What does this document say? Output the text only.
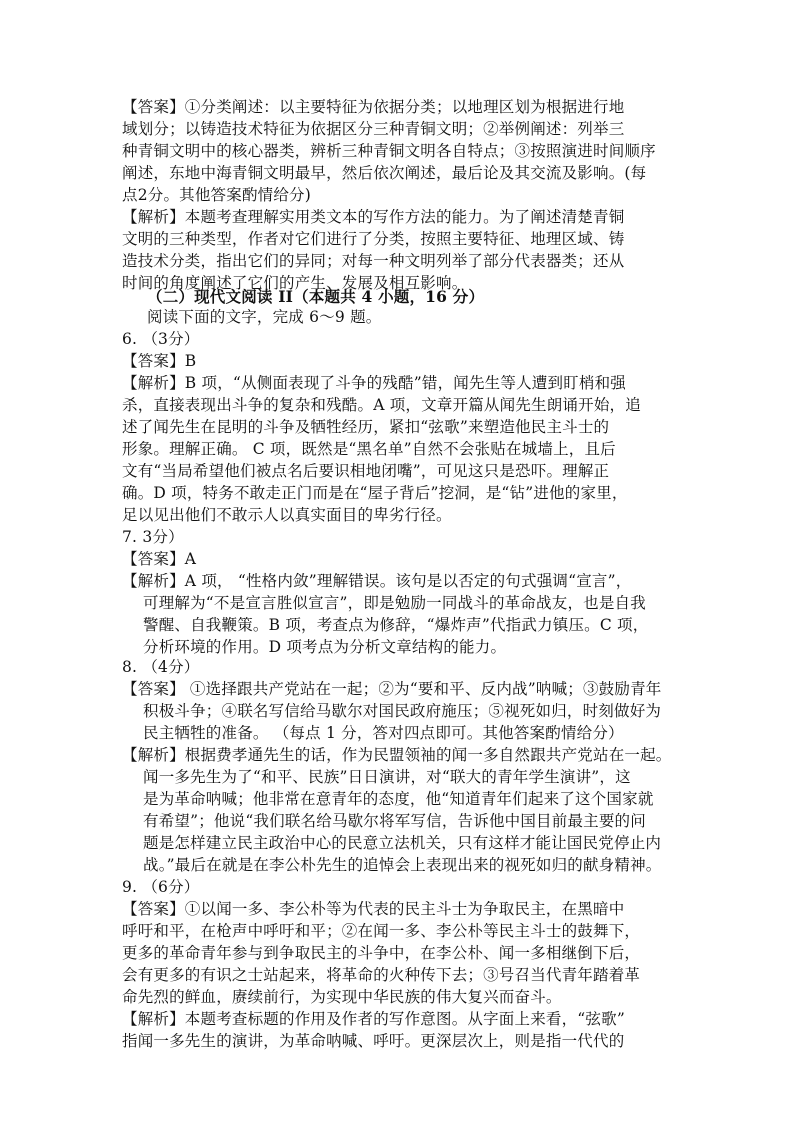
【答案】①分类阐述：以主要特征为依据分类；以地理区划为根据进行地
域划分；以铸造技术特征为依据区分三种青铜文明；②举例阐述：列举三
种青铜文明中的核心器类，辨析三种青铜文明各自特点；③按照演进时间顺序
阐述，东地中海青铜文明最早，然后依次阐述，最后论及其交流及影响。(每
点2分。其他答案酌情给分)
【解析】本题考查理解实用类文本的写作方法的能力。为了阐述清楚青铜
文明的三种类型，作者对它们进行了分类，按照主要特征、地理区域、铸
造技术分类，指出它们的异同；对每一种文明列举了部分代表器类；还从
时间的角度阐述了它们的产生、发展及相互影响。
（二）现代文阅读 II（本题共 4 小题，16 分）
阅读下面的文字，完成 6～9 题。
6. （3分）
【答案】B
【解析】B 项，“从侧面表现了斗争的残酷”错，闻先生等人遭到盯梢和强
杀，直接表现出斗争的复杂和残酷。A 项，文章开篇从闻先生朗诵开始，追
述了闻先生在昆明的斗争及牺牲经历，紧扣“弦歌”来塑造他民主斗士的
形象。理解正确。 C 项，既然是“黑名单”自然不会张贴在城墙上，且后
文有“当局希望他们被点名后要识相地闭嘴”，可见这只是恐吓。理解正
确。D 项，特务不敢走正门而是在“屋子背后”挖洞，是“钻”进他的家里，
足以见出他们不敢示人以真实面目的卑劣行径。
7. 3分）
【答案】A
【解析】A 项， “性格内敛”理解错误。该句是以否定的句式强调“宣言”，
可理解为“不是宣言胜似宣言”，即是勉励一同战斗的革命战友，也是自我
警醒、自我鞭策。B 项，考查点为修辞，“爆炸声”代指武力镇压。C 项，
分析环境的作用。D 项考点为分析文章结构的能力。
8. （4分）
【答案】 ①选择跟共产党站在一起；②为“要和平、反内战”呐喊；③鼓励青年
积极斗争；④联名写信给马歇尔对国民政府施压；⑤视死如归，时刻做好为
民主牺牲的准备。 （每点 1 分，答对四点即可。其他答案酌情给分）
【解析】根据费孝通先生的话，作为民盟领袖的闻一多自然跟共产党站在一起。
闻一多先生为了“和平、民族”日日演讲，对“联大的青年学生演讲”，这
是为革命呐喊；他非常在意青年的态度，他“知道青年们起来了这个国家就
有希望”；他说“我们联名给马歇尔将军写信，告诉他中国目前最主要的问
题是怎样建立民主政治中心的民意立法机关，只有这样才能让国民党停止内
战。”最后在就是在李公朴先生的追悼会上表现出来的视死如归的献身精神。
9. （6分）
【答案】①以闻一多、李公朴等为代表的民主斗士为争取民主，在黑暗中
呼吁和平，在枪声中呼吁和平；②在闻一多、李公朴等民主斗士的鼓舞下，
更多的革命青年参与到争取民主的斗争中，在李公朴、闻一多相继倒下后，
会有更多的有识之士站起来，将革命的火种传下去；③号召当代青年踏着革
命先烈的鲜血，赓续前行，为实现中华民族的伟大复兴而奋斗。
【解析】本题考查标题的作用及作者的写作意图。从字面上来看，“弦歌”
指闻一多先生的演讲，为革命呐喊、呼吁。更深层次上，则是指一代代的
